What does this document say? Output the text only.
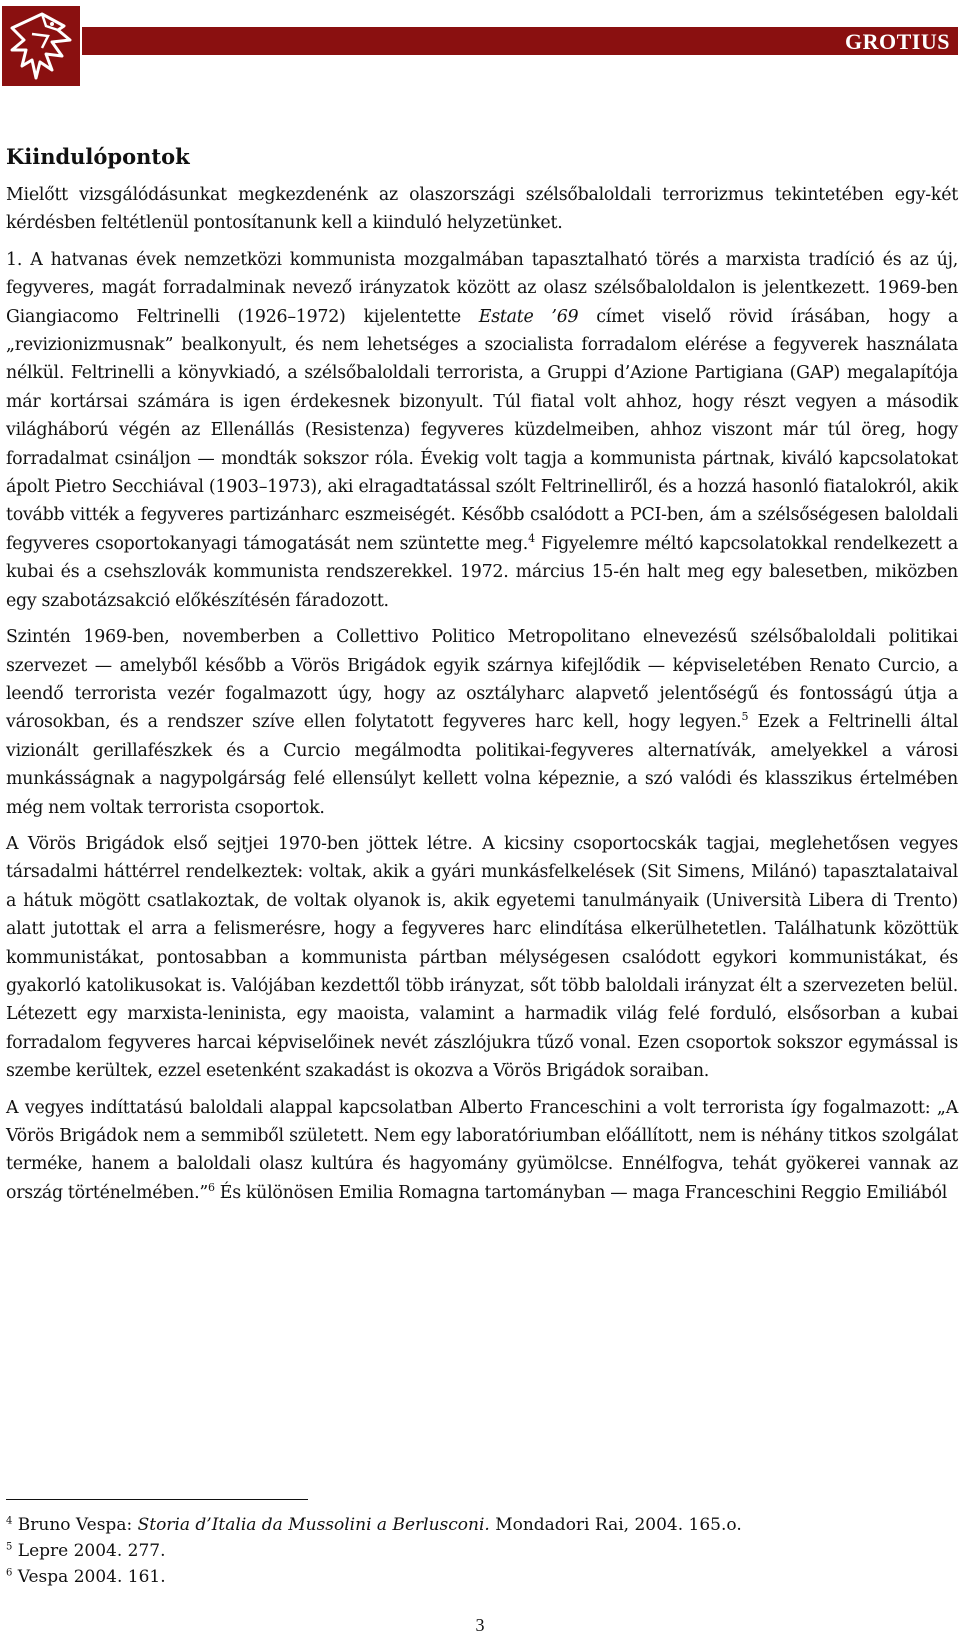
GROTIUS
Kiindulópontok

Mielőtt vizsgálódásunkat megkezdenénk az olaszországi szélsőbaloldali terrorizmus tekintetében egy-két kérdésben feltétlenül pontosítanunk kell a kiinduló helyzetünket.

1. A hatvanas évek nemzetközi kommunista mozgalmában tapasztalható törés a marxista tradíció és az új, fegyveres, magát forradalminak nevező irányzatok között az olasz szélsőbaloldalon is jelentkezett. 1969-ben Giangiacomo Feltrinelli (1926–1972) kijelentette Estate ’69 címet viselő rövid írásában, hogy a „revizionizmusnak” bealkonyult, és nem lehetséges a szocialista forradalom elérése a fegyverek használata nélkül. Feltrinelli a könyvkiadó, a szélsőbaloldali terrorista, a Gruppi d’Azione Partigiana (GAP) megalapítója már kortársai számára is igen érdekesnek bizonyult. Túl fiatal volt ahhoz, hogy részt vegyen a második világháború végén az Ellenállás (Resistenza) fegyveres küzdelmeiben, ahhoz viszont már túl öreg, hogy forradalmat csináljon — mondták sokszor róla. Évekig volt tagja a kommunista pártnak, kiváló kapcsolatokat ápolt Pietro Secchiával (1903–1973), aki elragadtatással szólt Feltrinelliről, és a hozzá hasonló fiatalokról, akik tovább vitték a fegyveres partizánharc eszmeiségét. Később csalódott a PCI-ben, ám a szélsőségesen baloldali fegyveres csoportokanyagi támogatását nem szüntette meg.$^4$ Figyelemre méltó kapcsolatokkal rendelkezett a kubai és a csehszlovák kommunista rendszerekkel. 1972. március 15-én halt meg egy balesetben, miközben egy szabotázsakció előkészítésén fáradozott.

Szintén 1969-ben, novemberben a Collettivo Politico Metropolitano elnevezésű szélsőbaloldali politikai szervezet — amelyből később a Vörös Brigádok egyik szárnya kifejlődik — képviseletében Renato Curcio, a leendő terrorista vezér fogalmazott úgy, hogy az osztályharc alapvető jelentőségű és fontosságú útja a városokban, és a rendszer szíve ellen folytatott fegyveres harc kell, hogy legyen.$^5$ Ezek a Feltrinelli által vizionált gerillafészkek és a Curcio megálmodta politikai-fegyveres alternatívák, amelyekkel a városi munkásságnak a nagypolgárság felé ellensúlyt kellett volna képeznie, a szó valódi és klasszikus értelmében még nem voltak terrorista csoportok.

A Vörös Brigádok első sejtjei 1970-ben jöttek létre. A kicsiny csoportocskák tagjai, meglehetősen vegyes társadalmi háttérrel rendelkeztek: voltak, akik a gyári munkásfelkelések (Sit Simens, Milánó) tapasztalataival a hátuk mögött csatlakoztak, de voltak olyanok is, akik egyetemi tanulmányaik (Università Libera di Trento) alatt jutottak el arra a felismerésre, hogy a fegyveres harc elindítása elkerülhetetlen. Találhatunk közöttük kommunistákat, pontosabban a kommunista pártban mélységesen csalódott egykori kommunistákat, és gyakorló katolikusokat is. Valójában kezdettől több irányzat, sőt több baloldali irányzat élt a szervezeten belül. Létezett egy marxista-leninista, egy maoista, valamint a harmadik világ felé forduló, elsősorban a kubai forradalom fegyveres harcai képviselőinek nevét zászlójukra tűző vonal. Ezen csoportok sokszor egymással is szembe kerültek, ezzel esetenként szakadást is okozva a Vörös Brigádok soraiban.

A vegyes indíttatású baloldali alappal kapcsolatban Alberto Franceschini a volt terrorista így fogalmazott: „A Vörös Brigádok nem a semmiből született. Nem egy laboratóriumban előállított, nem is néhány titkos szolgálat terméke, hanem a baloldali olasz kultúra és hagyomány gyümölcse. Ennélfogva, tehát gyökerei vannak az ország történelmében.”$^6$ És különösen Emilia Romagna tartományban — maga Franceschini Reggio Emiliából

$^4$ Bruno Vespa: Storia d’Italia da Mussolini a Berlusconi. Mondadori Rai, 2004. 165.o.
$^5$ Lepre 2004. 277.
$^6$ Vespa 2004. 161.
3
